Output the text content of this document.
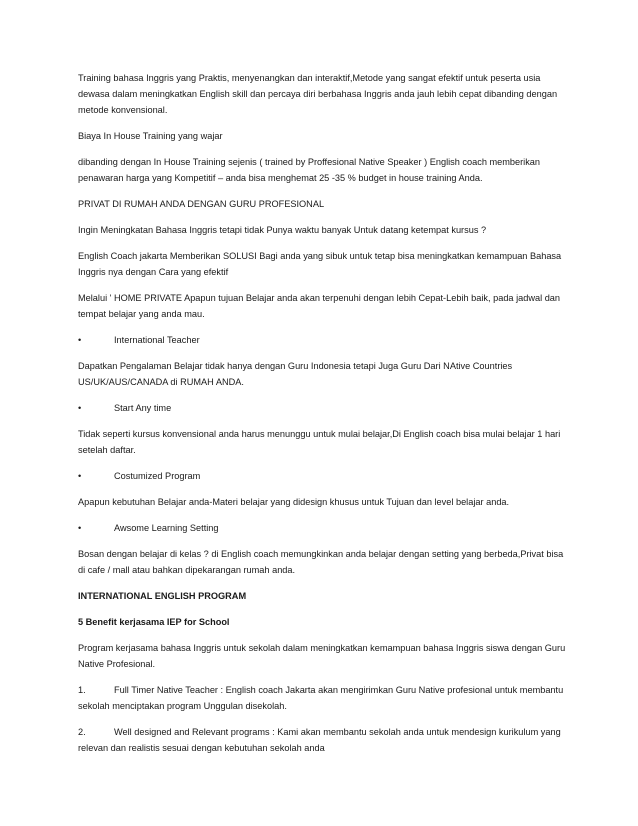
Training bahasa Inggris yang Praktis, menyenangkan dan interaktif,Metode yang sangat efektif untuk peserta usia dewasa dalam meningkatkan English skill dan percaya diri berbahasa Inggris anda jauh lebih cepat dibanding dengan metode konvensional.

Biaya In House Training yang wajar

dibanding dengan In House Training sejenis ( trained by Proffesional Native Speaker ) English coach memberikan penawaran harga yang Kompetitif – anda bisa menghemat 25 -35 % budget in house training Anda.

PRIVAT DI RUMAH ANDA DENGAN GURU PROFESIONAL

Ingin Meningkatan Bahasa Inggris tetapi tidak Punya waktu banyak Untuk datang ketempat kursus ?

English Coach jakarta Memberikan SOLUSI Bagi anda yang sibuk untuk tetap bisa meningkatkan kemampuan Bahasa Inggris nya dengan Cara yang efektif

Melalui ' HOME PRIVATE Apapun tujuan Belajar anda akan terpenuhi dengan lebih Cepat-Lebih baik, pada jadwal dan tempat belajar yang anda mau.

•	International Teacher

Dapatkan Pengalaman Belajar tidak hanya dengan Guru Indonesia tetapi Juga Guru Dari NAtive Countries US/UK/AUS/CANADA di RUMAH ANDA.

•	Start Any time

Tidak seperti kursus konvensional anda harus menunggu untuk mulai belajar,Di English coach bisa mulai belajar 1 hari setelah daftar.

•	Costumized Program

Apapun kebutuhan Belajar anda-Materi belajar yang didesign khusus untuk Tujuan dan level belajar anda.

•	Awsome Learning Setting

Bosan dengan belajar di kelas ? di English coach memungkinkan anda belajar dengan setting yang berbeda,Privat bisa di cafe / mall atau bahkan dipekarangan rumah anda.

INTERNATIONAL ENGLISH PROGRAM

5 Benefit kerjasama IEP for School

Program kerjasama bahasa Inggris untuk sekolah dalam meningkatkan kemampuan bahasa Inggris siswa dengan Guru Native Profesional.

1.	Full Timer Native Teacher : English coach Jakarta akan mengirimkan Guru Native profesional untuk membantu sekolah menciptakan program Unggulan disekolah.

2.	Well designed and Relevant programs : Kami akan membantu sekolah anda untuk mendesign kurikulum yang relevan dan realistis sesuai dengan kebutuhan sekolah anda
